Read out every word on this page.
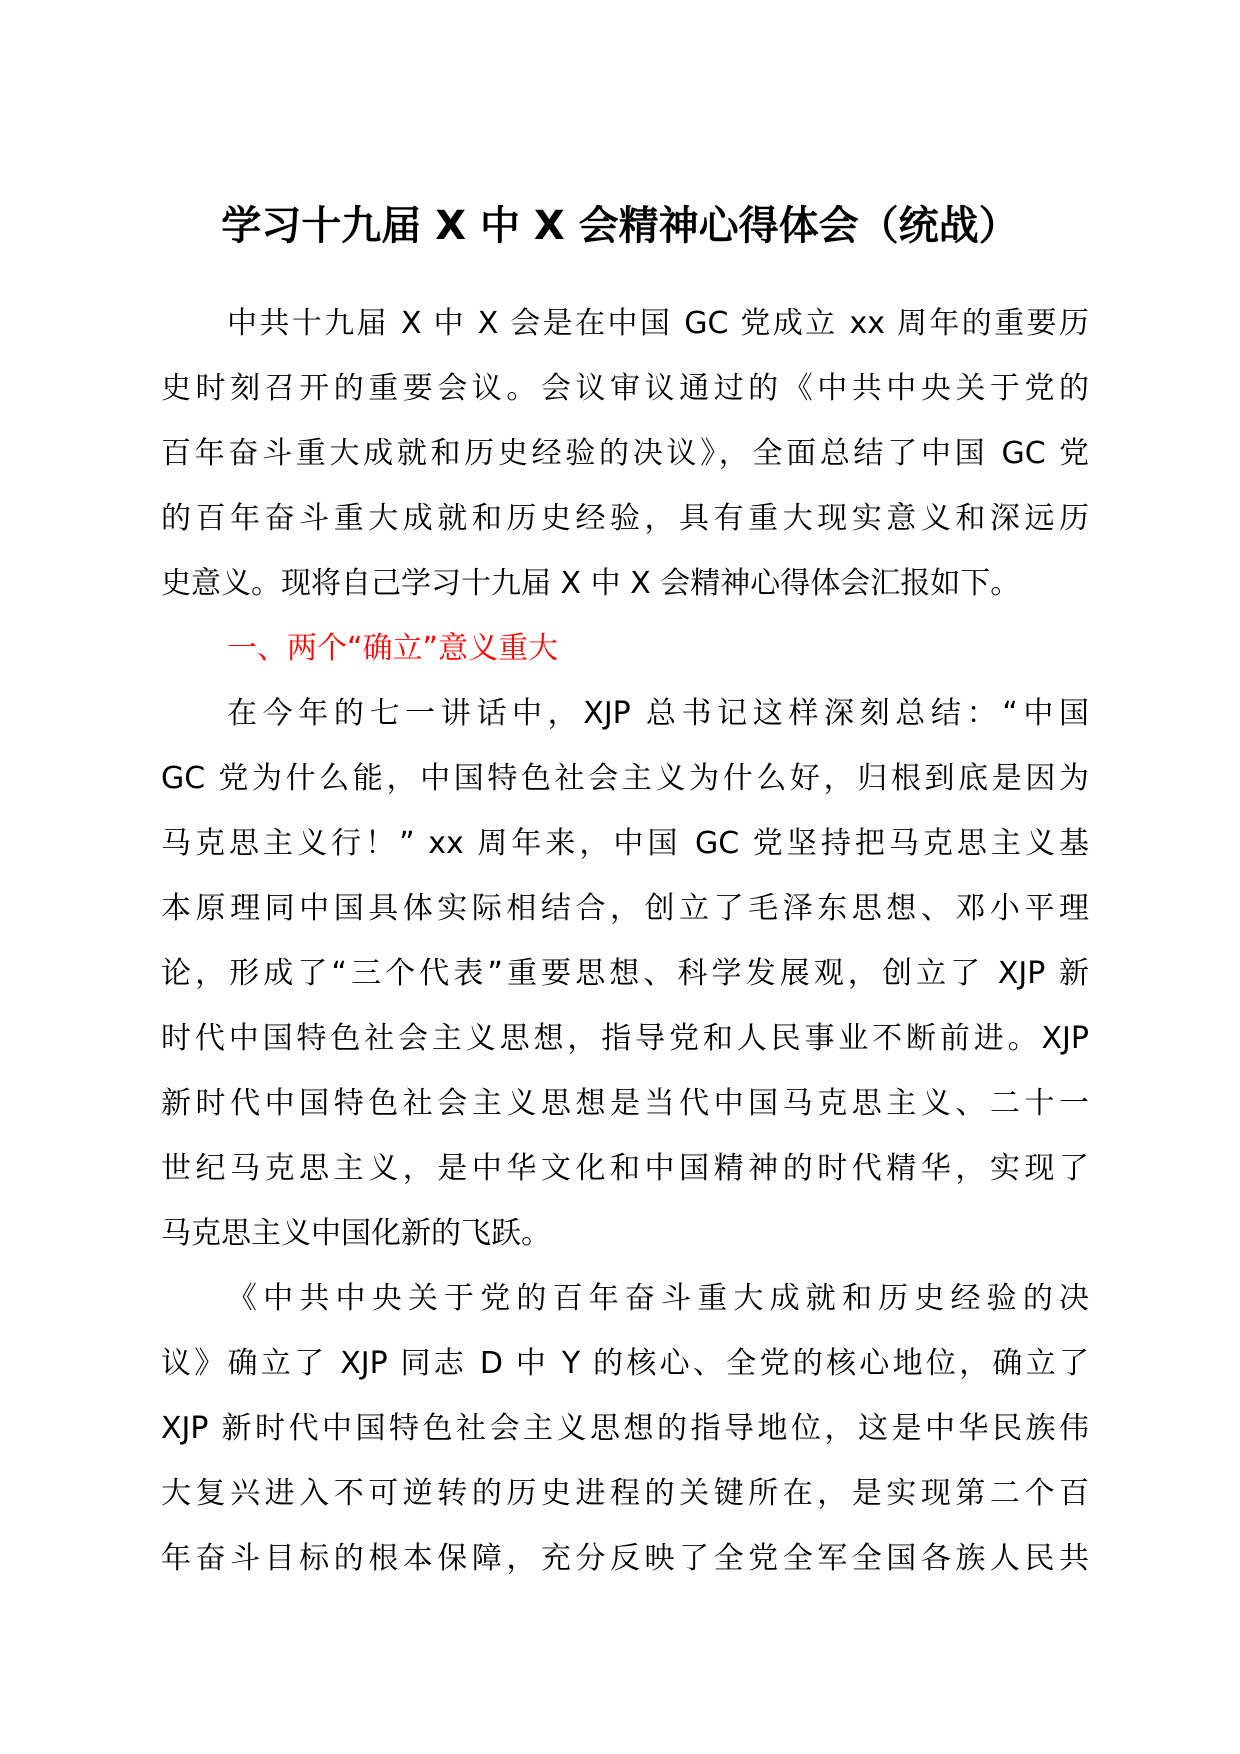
学习十九届 X 中 X 会精神心得体会（统战）
中共十九届 X 中 X 会是在中国 GC 党成立 xx 周年的重要历
史时刻召开的重要会议。会议审议通过的《中共中央关于党的
百年奋斗重大成就和历史经验的决议》，全面总结了中国 GC 党
的百年奋斗重大成就和历史经验，具有重大现实意义和深远历
史意义。现将自己学习十九届 X 中 X 会精神心得体会汇报如下。
一、两个“确立”意义重大
在今年的七一讲话中，XJP 总书记这样深刻总结：“中国
GC 党为什么能，中国特色社会主义为什么好，归根到底是因为
马克思主义行！” xx 周年来，中国 GC 党坚持把马克思主义基
本原理同中国具体实际相结合，创立了毛泽东思想、邓小平理
论，形成了“三个代表”重要思想、科学发展观，创立了 XJP 新
时代中国特色社会主义思想，指导党和人民事业不断前进。XJP
新时代中国特色社会主义思想是当代中国马克思主义、二十一
世纪马克思主义，是中华文化和中国精神的时代精华，实现了
马克思主义中国化新的飞跃。
《中共中央关于党的百年奋斗重大成就和历史经验的决
议》确立了 XJP 同志 D 中 Y 的核心、全党的核心地位，确立了
XJP 新时代中国特色社会主义思想的指导地位，这是中华民族伟
大复兴进入不可逆转的历史进程的关键所在，是实现第二个百
年奋斗目标的根本保障，充分反映了全党全军全国各族人民共
